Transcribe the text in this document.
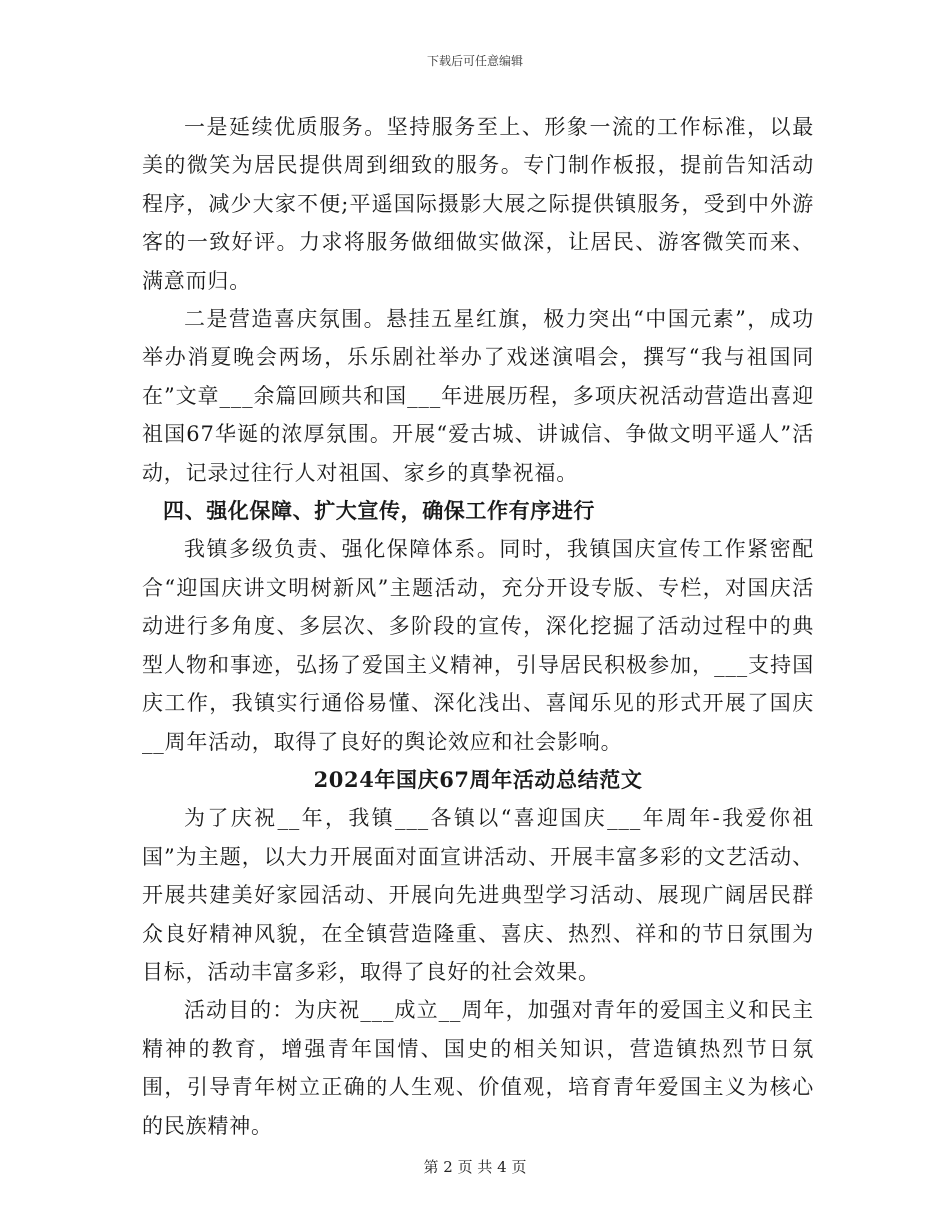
下载后可任意编辑

一是延续优质服务。坚持服务至上、形象一流的工作标准，以最美的微笑为居民提供周到细致的服务。专门制作板报，提前告知活动程序，减少大家不便;平遥国际摄影大展之际提供镇服务，受到中外游客的一致好评。力求将服务做细做实做深，让居民、游客微笑而来、满意而归。

二是营造喜庆氛围。悬挂五星红旗，极力突出“中国元素”，成功举办消夏晚会两场，乐乐剧社举办了戏迷演唱会，撰写“我与祖国同在”文章___余篇回顾共和国___年进展历程，多项庆祝活动营造出喜迎祖国67华诞的浓厚氛围。开展“爱古城、讲诚信、争做文明平遥人”活动，记录过往行人对祖国、家乡的真挚祝福。

四、强化保障、扩大宣传，确保工作有序进行

我镇多级负责、强化保障体系。同时，我镇国庆宣传工作紧密配合“迎国庆讲文明树新风”主题活动，充分开设专版、专栏，对国庆活动进行多角度、多层次、多阶段的宣传，深化挖掘了活动过程中的典型人物和事迹，弘扬了爱国主义精神，引导居民积极参加，___支持国庆工作，我镇实行通俗易懂、深化浅出、喜闻乐见的形式开展了国庆__周年活动，取得了良好的舆论效应和社会影响。

2024年国庆67周年活动总结范文

为了庆祝__年，我镇___各镇以“喜迎国庆___年周年-我爱你祖国”为主题，以大力开展面对面宣讲活动、开展丰富多彩的文艺活动、开展共建美好家园活动、开展向先进典型学习活动、展现广阔居民群众良好精神风貌，在全镇营造隆重、喜庆、热烈、祥和的节日氛围为目标，活动丰富多彩，取得了良好的社会效果。

活动目的：为庆祝___成立__周年，加强对青年的爱国主义和民主精神的教育，增强青年国情、国史的相关知识，营造镇热烈节日氛围，引导青年树立正确的人生观、价值观，培育青年爱国主义为核心的民族精神。

第 2 页 共 4 页
